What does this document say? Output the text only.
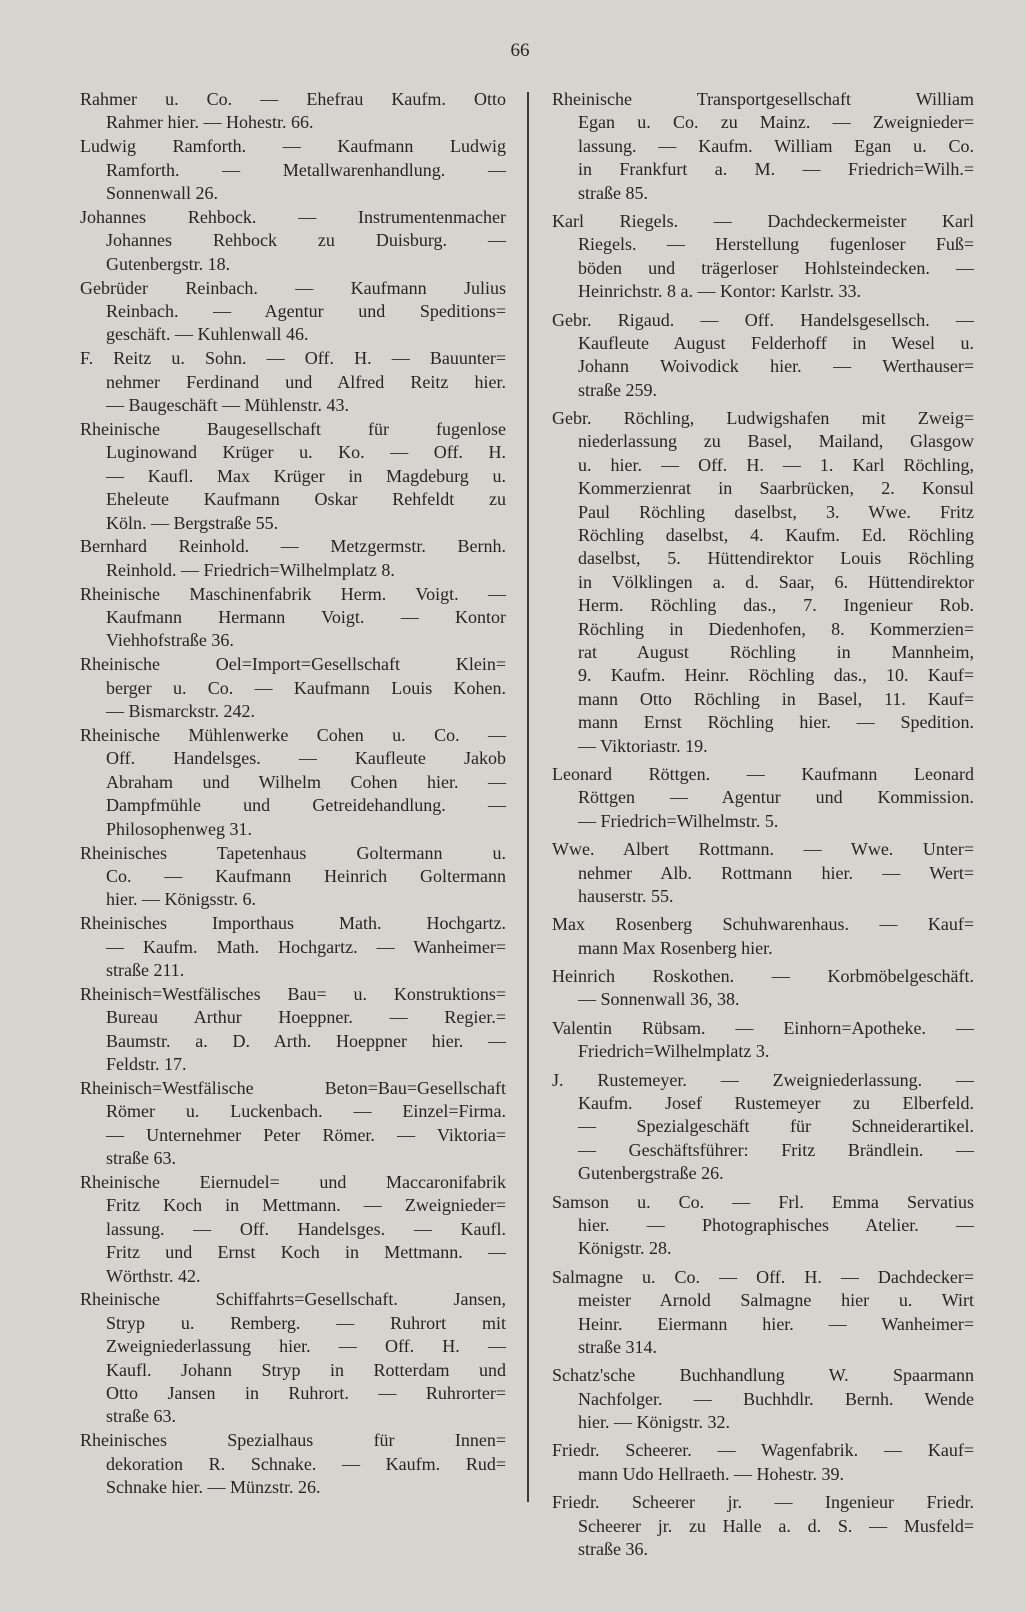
66
Rahmer u. Co. — Ehefrau Kaufm. Otto
Rahmer hier. — Hohestr. 66.
Ludwig Ramforth. — Kaufmann Ludwig
Ramforth. — Metallwarenhandlung. —
Sonnenwall 26.
Johannes Rehbock. — Instrumentenmacher
Johannes Rehbock zu Duisburg. —
Gutenbergstr. 18.
Gebrüder Reinbach. — Kaufmann Julius
Reinbach. — Agentur und Speditions=
geschäft. — Kuhlenwall 46.
F. Reitz u. Sohn. — Off. H. — Bauunter=
nehmer Ferdinand und Alfred Reitz hier.
— Baugeschäft — Mühlenstr. 43.
Rheinische Baugesellschaft für fugenlose
Luginowand Krüger u. Ko. — Off. H.
— Kaufl. Max Krüger in Magdeburg u.
Eheleute Kaufmann Oskar Rehfeldt zu
Köln. — Bergstraße 55.
Bernhard Reinhold. — Metzgermstr. Bernh.
Reinhold. — Friedrich=Wilhelmplatz 8.
Rheinische Maschinenfabrik Herm. Voigt. —
Kaufmann Hermann Voigt. — Kontor
Viehhofstraße 36.
Rheinische Oel=Import=Gesellschaft Klein=
berger u. Co. — Kaufmann Louis Kohen.
— Bismarckstr. 242.
Rheinische Mühlenwerke Cohen u. Co. —
Off. Handelsges. — Kaufleute Jakob
Abraham und Wilhelm Cohen hier. —
Dampfmühle und Getreidehandlung. —
Philosophenweg 31.
Rheinisches Tapetenhaus Goltermann u.
Co. — Kaufmann Heinrich Goltermann
hier. — Königsstr. 6.
Rheinisches Importhaus Math. Hochgartz.
— Kaufm. Math. Hochgartz. — Wanheimer=
straße 211.
Rheinisch=Westfälisches Bau= u. Konstruktions=
Bureau Arthur Hoeppner. — Regier.=
Baumstr. a. D. Arth. Hoeppner hier. —
Feldstr. 17.
Rheinisch=Westfälische Beton=Bau=Gesellschaft
Römer u. Luckenbach. — Einzel=Firma.
— Unternehmer Peter Römer. — Viktoria=
straße 63.
Rheinische Eiernudel= und Maccaronifabrik
Fritz Koch in Mettmann. — Zweignieder=
lassung. — Off. Handelsges. — Kaufl.
Fritz und Ernst Koch in Mettmann. —
Wörthstr. 42.
Rheinische Schiffahrts=Gesellschaft. Jansen,
Stryp u. Remberg. — Ruhrort mit
Zweigniederlassung hier. — Off. H. —
Kaufl. Johann Stryp in Rotterdam und
Otto Jansen in Ruhrort. — Ruhrorter=
straße 63.
Rheinisches Spezialhaus für Innen=
dekoration R. Schnake. — Kaufm. Rud=
Schnake hier. — Münzstr. 26.
Rheinische Transportgesellschaft William
Egan u. Co. zu Mainz. — Zweignieder=
lassung. — Kaufm. William Egan u. Co.
in Frankfurt a. M. — Friedrich=Wilh.=
straße 85.
Karl Riegels. — Dachdeckermeister Karl
Riegels. — Herstellung fugenloser Fuß=
böden und trägerloser Hohlsteindecken. —
Heinrichstr. 8 a. — Kontor: Karlstr. 33.
Gebr. Rigaud. — Off. Handelsgesellsch. —
Kaufleute August Felderhoff in Wesel u.
Johann Woivodick hier. — Werthauser=
straße 259.
Gebr. Röchling, Ludwigshafen mit Zweig=
niederlassung zu Basel, Mailand, Glasgow
u. hier. — Off. H. — 1. Karl Röchling,
Kommerzienrat in Saarbrücken, 2. Konsul
Paul Röchling daselbst, 3. Wwe. Fritz
Röchling daselbst, 4. Kaufm. Ed. Röchling
daselbst, 5. Hüttendirektor Louis Röchling
in Völklingen a. d. Saar, 6. Hüttendirektor
Herm. Röchling das., 7. Ingenieur Rob.
Röchling in Diedenhofen, 8. Kommerzien=
rat August Röchling in Mannheim,
9. Kaufm. Heinr. Röchling das., 10. Kauf=
mann Otto Röchling in Basel, 11. Kauf=
mann Ernst Röchling hier. — Spedition.
— Viktoriastr. 19.
Leonard Röttgen. — Kaufmann Leonard
Röttgen — Agentur und Kommission.
— Friedrich=Wilhelmstr. 5.
Wwe. Albert Rottmann. — Wwe. Unter=
nehmer Alb. Rottmann hier. — Wert=
hauserstr. 55.
Max Rosenberg Schuhwarenhaus. — Kauf=
mann Max Rosenberg hier.
Heinrich Roskothen. — Korbmöbelgeschäft.
— Sonnenwall 36, 38.
Valentin Rübsam. — Einhorn=Apotheke. —
Friedrich=Wilhelmplatz 3.
J. Rustemeyer. — Zweigniederlassung. —
Kaufm. Josef Rustemeyer zu Elberfeld.
— Spezialgeschäft für Schneiderartikel.
— Geschäftsführer: Fritz Brändlein. —
Gutenbergstraße 26.
Samson u. Co. — Frl. Emma Servatius
hier. — Photographisches Atelier. —
Königstr. 28.
Salmagne u. Co. — Off. H. — Dachdecker=
meister Arnold Salmagne hier u. Wirt
Heinr. Eiermann hier. — Wanheimer=
straße 314.
Schatz'sche Buchhandlung W. Spaarmann
Nachfolger. — Buchhdlr. Bernh. Wende
hier. — Königstr. 32.
Friedr. Scheerer. — Wagenfabrik. — Kauf=
mann Udo Hellraeth. — Hohestr. 39.
Friedr. Scheerer jr. — Ingenieur Friedr.
Scheerer jr. zu Halle a. d. S. — Musfeld=
straße 36.
